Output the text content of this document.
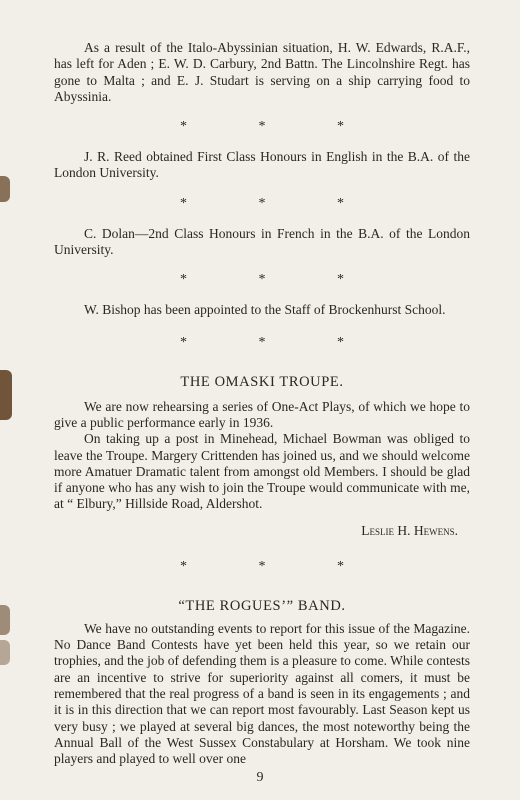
As a result of the Italo-Abyssinian situation, H. W. Edwards, R.A.F., has left for Aden ; E. W. D. Carbury, 2nd Battn. The Lincolnshire Regt. has gone to Malta ; and E. J. Studart is serving on a ship carrying food to Abyssinia.

* * *

J. R. Reed obtained First Class Honours in English in the B.A. of the London University.

* * *

C. Dolan—2nd Class Honours in French in the B.A. of the London University.

* * *

W. Bishop has been appointed to the Staff of Brockenhurst School.

* * *
THE OMASKI TROUPE.

We are now rehearsing a series of One-Act Plays, of which we hope to give a public performance early in 1936.

On taking up a post in Minehead, Michael Bowman was obliged to leave the Troupe. Margery Crittenden has joined us, and we should welcome more Amatuer Dramatic talent from amongst old Members. I should be glad if anyone who has any wish to join the Troupe would communicate with me, at “ Elbury,” Hillside Road, Aldershot.

Leslie H. Hewens.
* * *
“THE ROGUES’” BAND.

We have no outstanding events to report for this issue of the Magazine. No Dance Band Contests have yet been held this year, so we retain our trophies, and the job of defending them is a pleasure to come. While contests are an incentive to strive for superiority against all comers, it must be remembered that the real progress of a band is seen in its engagements ; and it is in this direction that we can report most favourably. Last Season kept us very busy ; we played at several big dances, the most noteworthy being the Annual Ball of the West Sussex Constabulary at Horsham. We took nine players and played to well over one

9
